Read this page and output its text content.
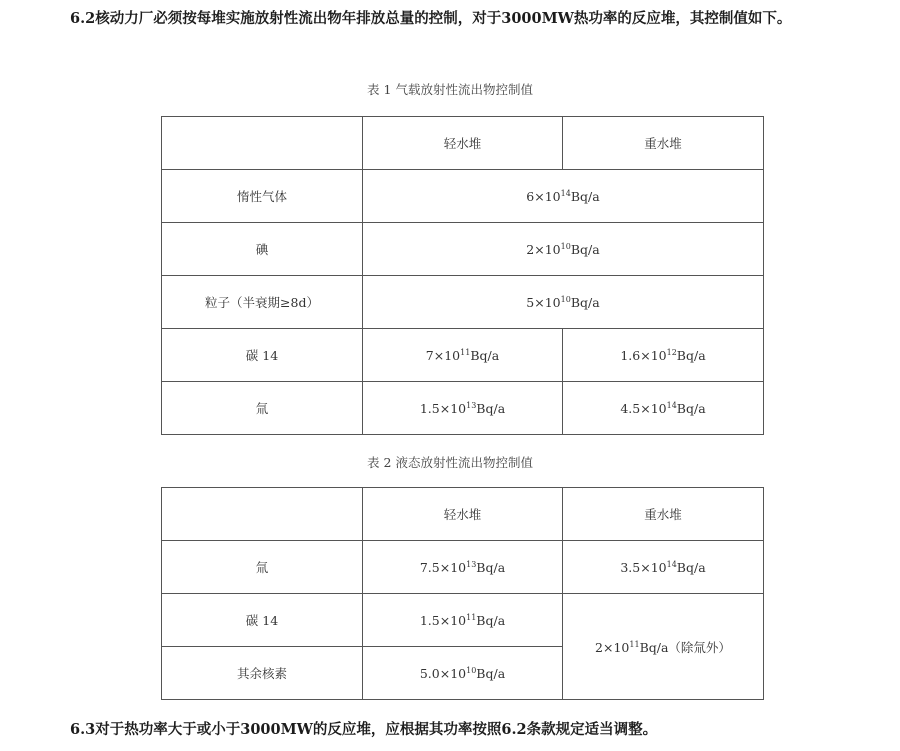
6.2核动力厂必须按每堆实施放射性流出物年排放总量的控制，对于3000MW热功率的反应堆，其控制值如下。

表 1 气载放射性流出物控制值
	轻水堆	重水堆
惰性气体	$6\times 10^{14}Bq/a$	
碘	$2\times 10^{10}Bq/a$	
粒子（半衰期≥8d）	$5\times 10^{10}Bq/a$	
碳 14	$7\times 10^{11}Bq/a$	$1.6\times 10^{12}Bq/a$
氚	$1.5\times 10^{13}Bq/a$	$4.5\times 10^{14}Bq/a$
表 2 液态放射性流出物控制值
	轻水堆	重水堆
氚	$7.5\times 10^{13}Bq/a$	$3.5\times 10^{14}Bq/a$
碳 14	$1.5\times 10^{11}Bq/a$	$2\times 10^{11}Bq/a$（除氚外）
其余核素	$5.0\times 10^{10}Bq/a$	

6.3对于热功率大于或小于3000MW的反应堆，应根据其功率按照6.2条款规定适当调整。
